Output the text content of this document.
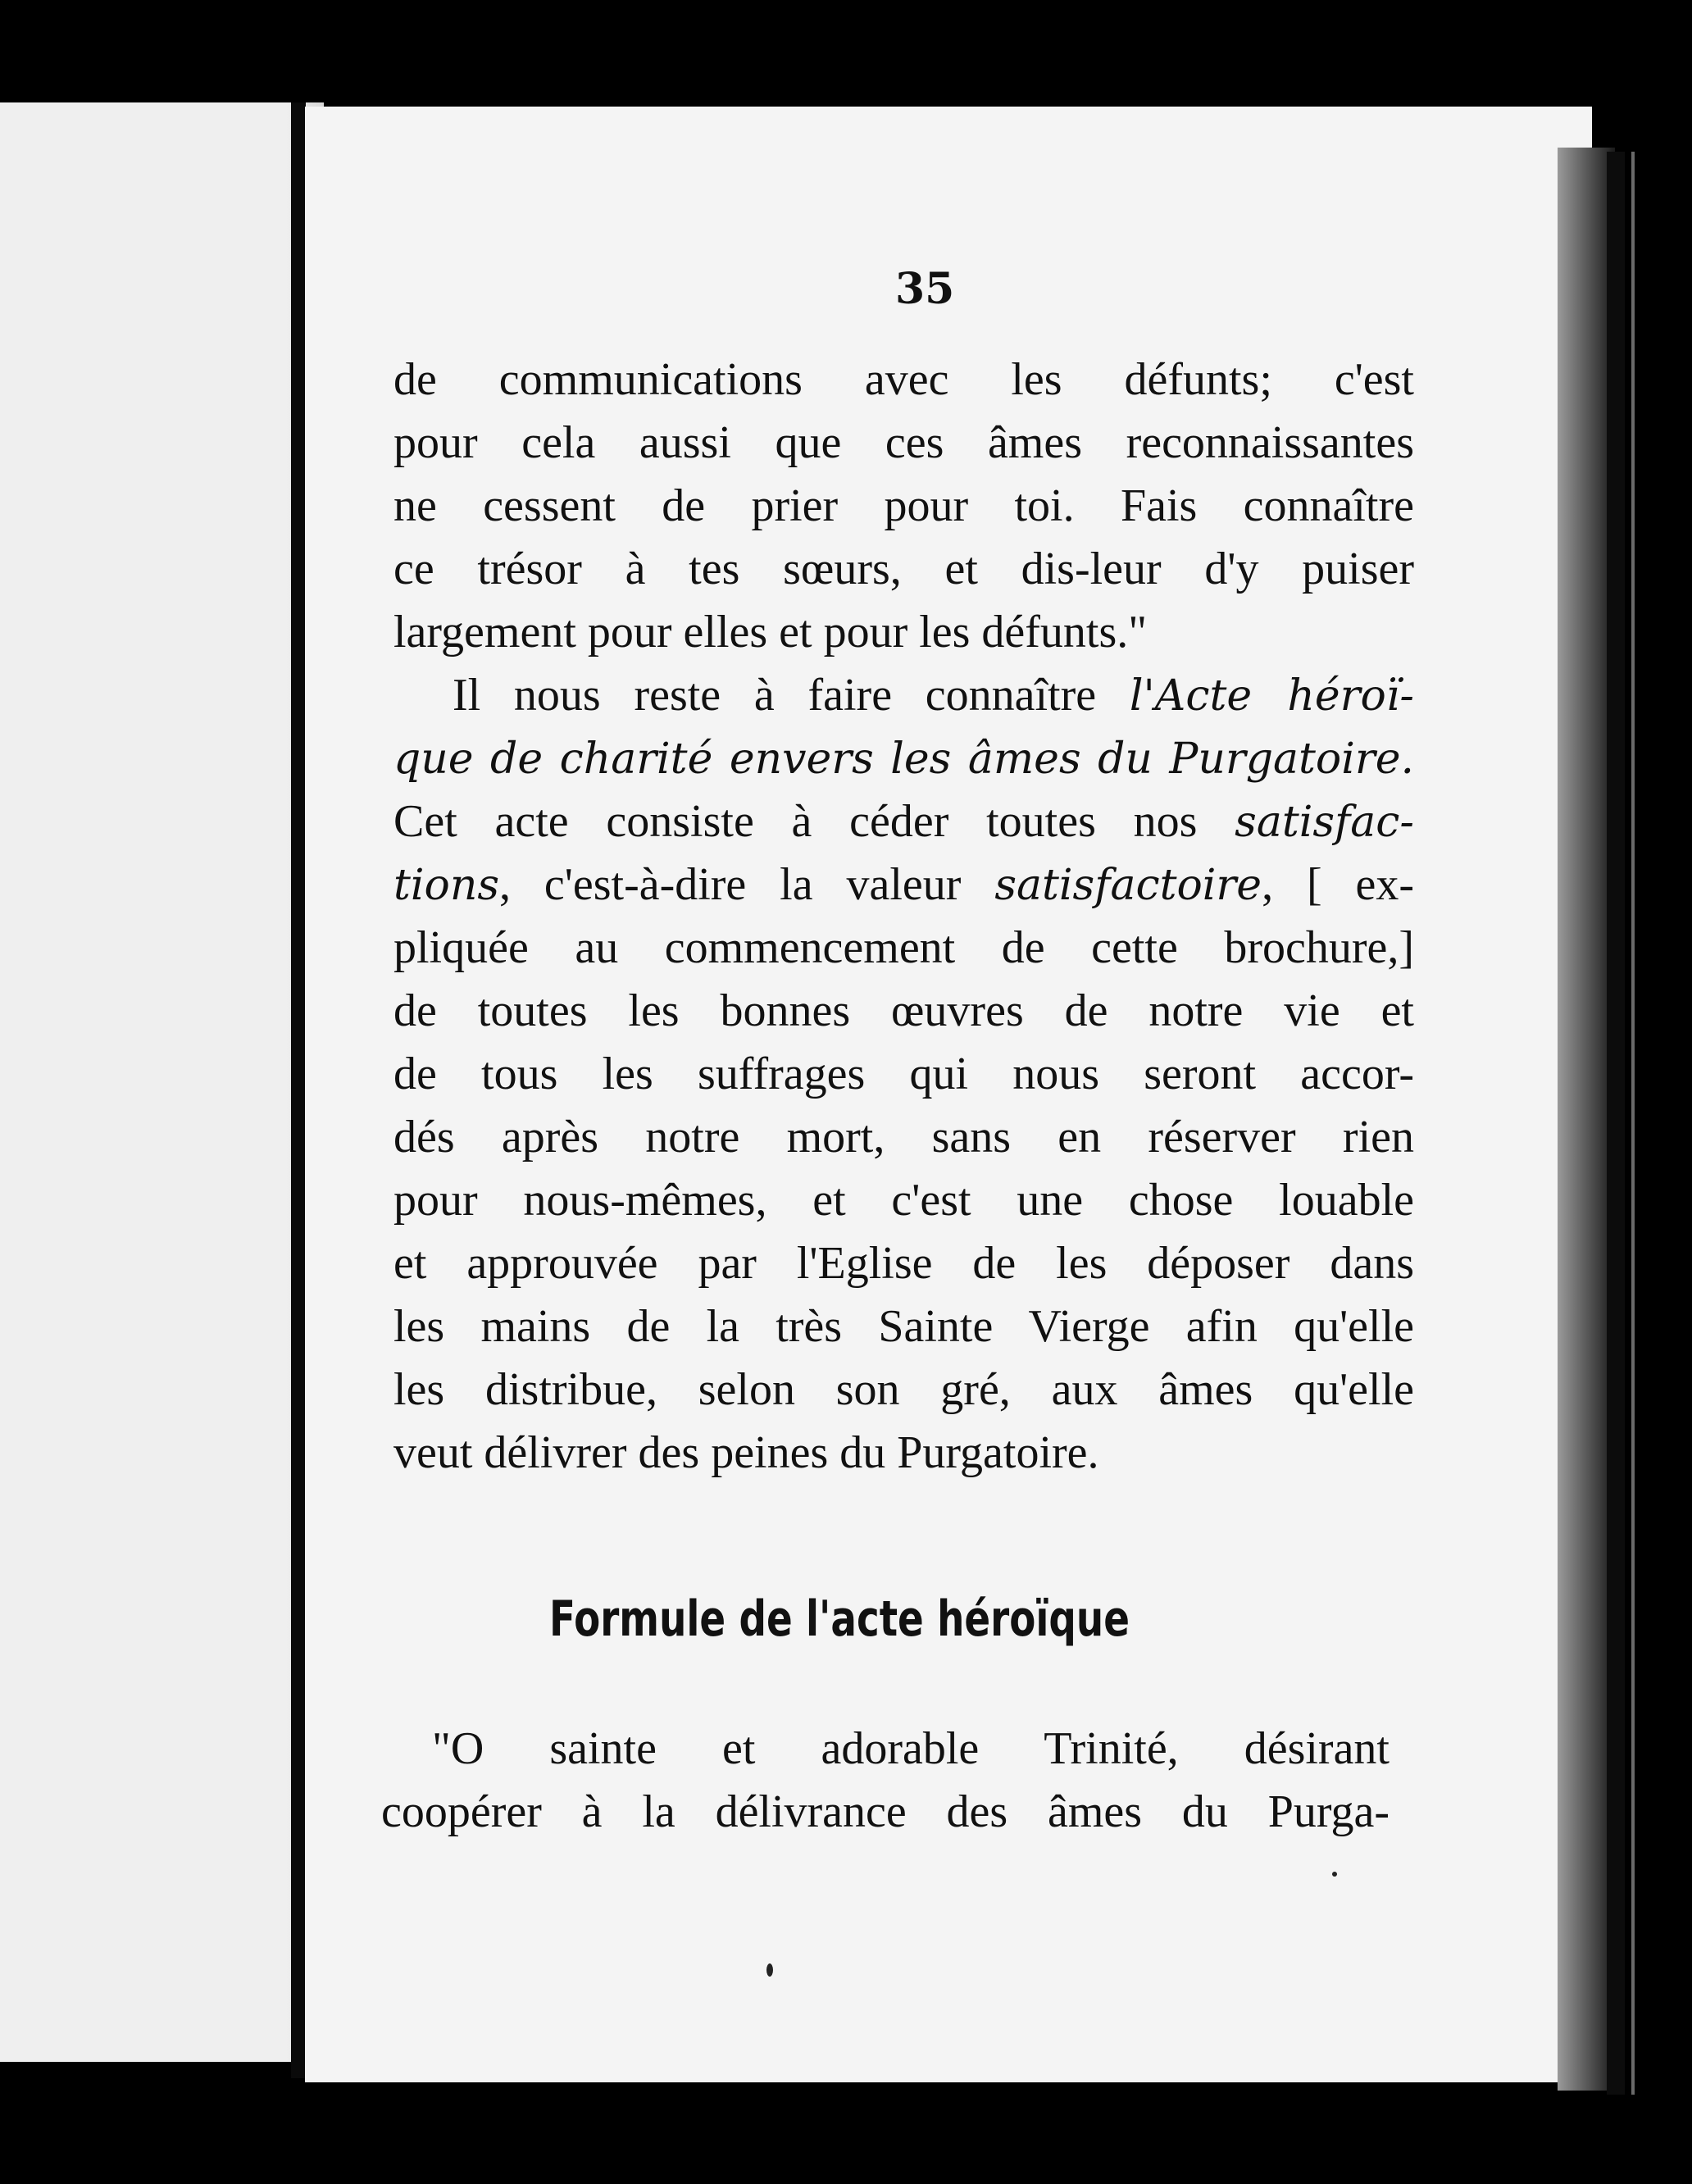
35
de communications avec les défunts; c'est
pour cela aussi que ces âmes reconnaissantes
ne cessent de prier pour toi. Fais connaître
ce trésor à tes sœurs, et dis-leur d'y puiser
largement pour elles et pour les défunts."
Il nous reste à faire connaître l'Acte héroï-
que de charité envers les âmes du Purgatoire.
Cet acte consiste à céder toutes nos satisfac-
tions, c'est-à-dire la valeur satisfactoire, [ ex-
pliquée au commencement de cette brochure,]
de toutes les bonnes œuvres de notre vie et
de tous les suffrages qui nous seront accor-
dés après notre mort, sans en réserver rien
pour nous-mêmes, et c'est une chose louable
et approuvée par l'Eglise de les déposer dans
les mains de la très Sainte Vierge afin qu'elle
les distribue, selon son gré, aux âmes qu'elle
veut délivrer des peines du Purgatoire.
Formule de l'acte héroïque
"O sainte et adorable Trinité, désirant
coopérer à la délivrance des âmes du Purga-
